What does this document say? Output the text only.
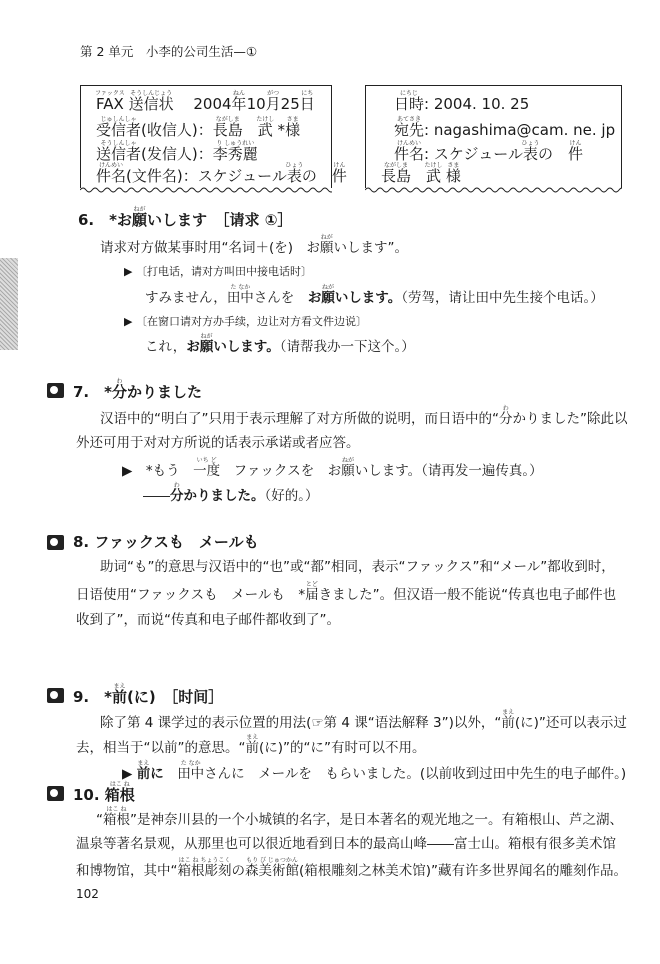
第 2 单元　 小李的公司生活—①
FAX
ファックス
送信状
そうしんじょう
　 2004年
ねん
10月
がつ
25日
にち
受信者
じゅしんしゃ
(收信人)：長島
ながしま
　武
たけし
*様
さま
送信者
そうしんしゃ
(发信人)：李秀麗
り しゅうれい
件名
けんめい
(文件名)：スケジュール表
ひょう
の　件
けん
日時
にちじ
: 2004. 10. 25
宛先
あてさき
: nagashima@cam. ne. jp
件名
けんめい
: スケジュール表
ひょう
の　件
けん
長島
ながしま
　武
たけし
様
さま
6.　*お願
ねが
いします　［请求 ①］
请求对方做某事时用“名词＋(を)　お願
ねが
いします”。
▶ 〔打电话，请对方叫田中接电话时〕
すみません，田中
た なか
さんを　お願
ねが
いします。（劳驾，请让田中先生接个电话。）
▶ 〔在窗口请对方办手续，边让对方看文件边说〕
これ，お願
ねが
いします。（请帮我办一下这个。）
7.　*分
わ
かりました
汉语中的“明白了”只用于表示理解了对方所做的说明，而日语中的“分
わ
かりました”除此以
外还可用于对对方所说的话表示承诺或者应答。
▶　*もう　一度
いち ど
　ファックスを　お願
ねが
いします。（请再发一遍传真。）
――分
わ
かりました。（好的。）
8. ファックスも　メールも
助词“も”的意思与汉语中的“也”或“都”相同，表示“ファックス”和“メール”都收到时，
日语使用“ファックスも　メールも　*届
とど
きました”。但汉语一般不能说“传真也电子邮件也
收到了”，而说“传真和电子邮件都收到了”。
9.　*前
まえ
(に)　［时间］
除了第 4 课学过的表示位置的用法(☞第 4 课“语法解释 3”)以外，“前
まえ
(に)”还可以表示过
去，相当于“以前”的意思。“前
まえ
(に)”的“に”有时可以不用。
▶ 前
まえ
に　 田中
た なか
さんに　メールを　もらいました。(以前收到过田中先生的电子邮件。)
10. 箱根
はこ ね
“箱根
はこ ね
”是神奈川县的一个小城镇的名字，是日本著名的观光地之一。有箱根山、芦之湖、
温泉等著名景观，从那里也可以很近地看到日本的最高山峰――富士山。箱根有很多美术馆
和博物馆，其中“箱根彫刻
はこ ね ちょうこく
の森美術館
もり び じゅつかん
(箱根雕刻之林美术馆)”藏有许多世界闻名的雕刻作品。
102
